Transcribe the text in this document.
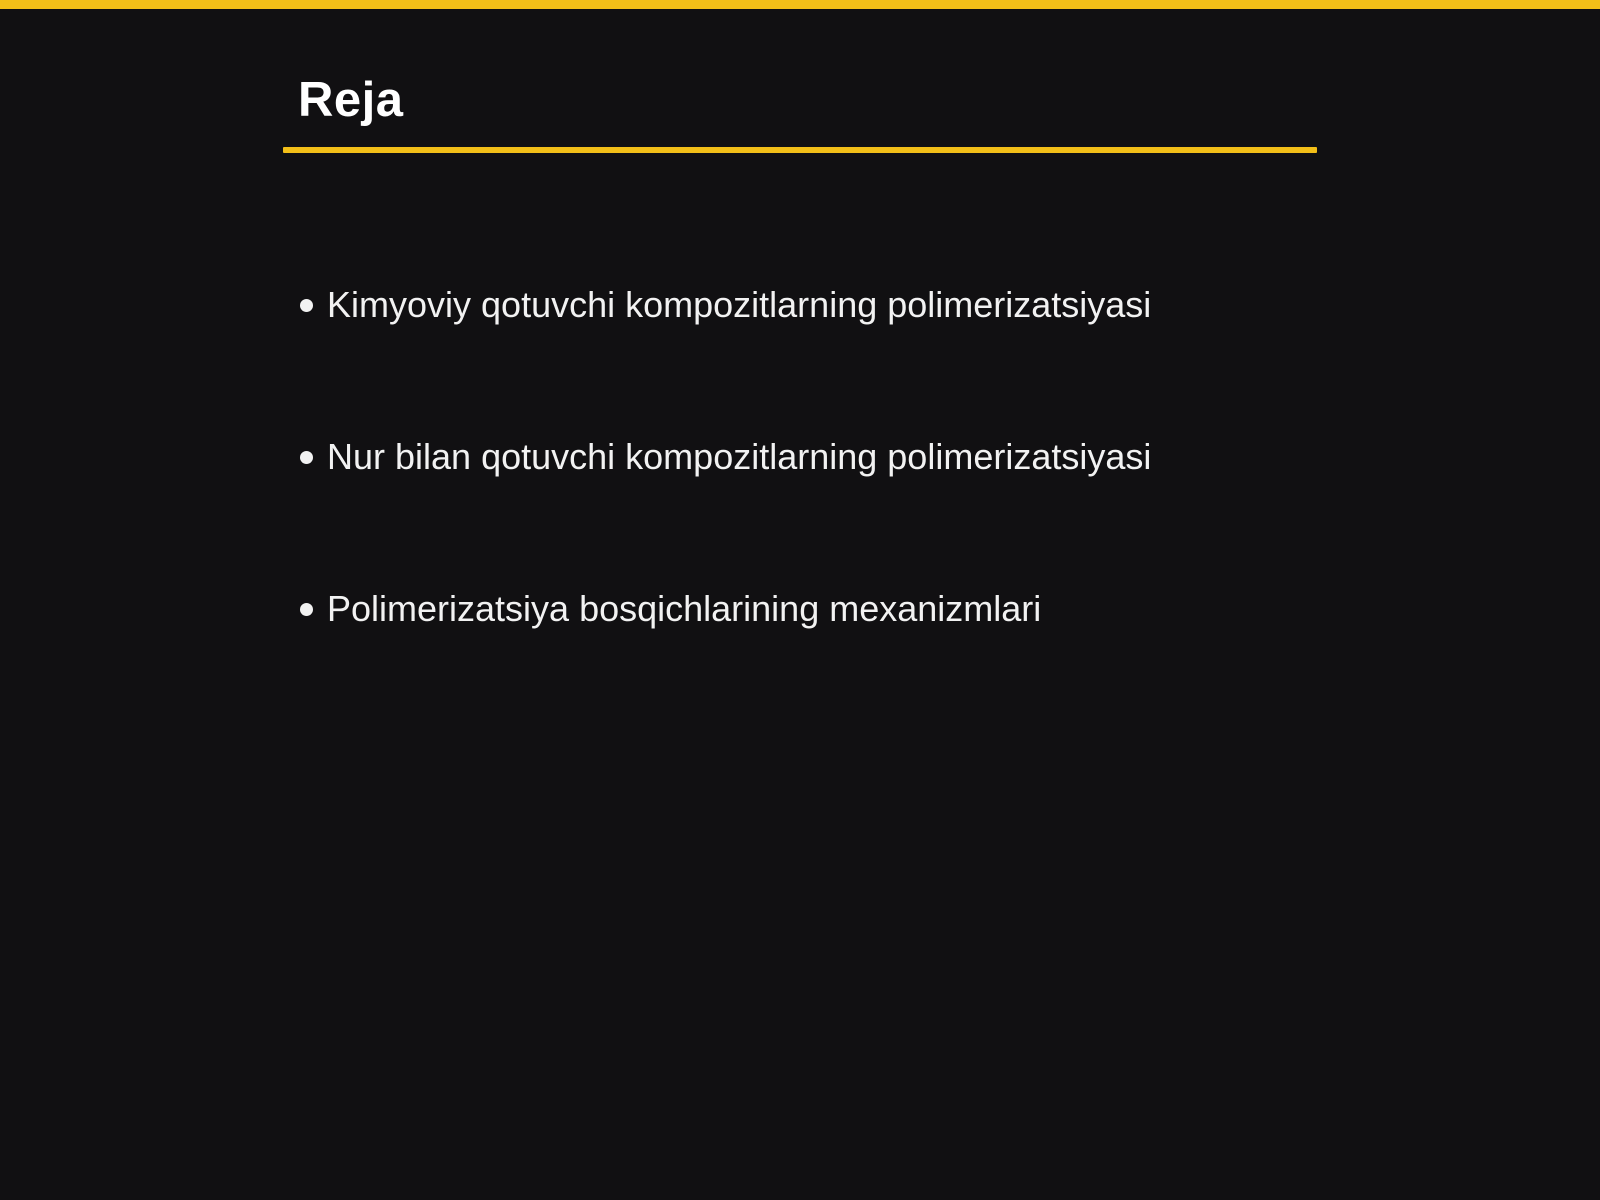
Reja
Kimyoviy qotuvchi kompozitlarning polimerizatsiyasi
Nur bilan qotuvchi kompozitlarning polimerizatsiyasi
Polimerizatsiya bosqichlarining mexanizmlari
